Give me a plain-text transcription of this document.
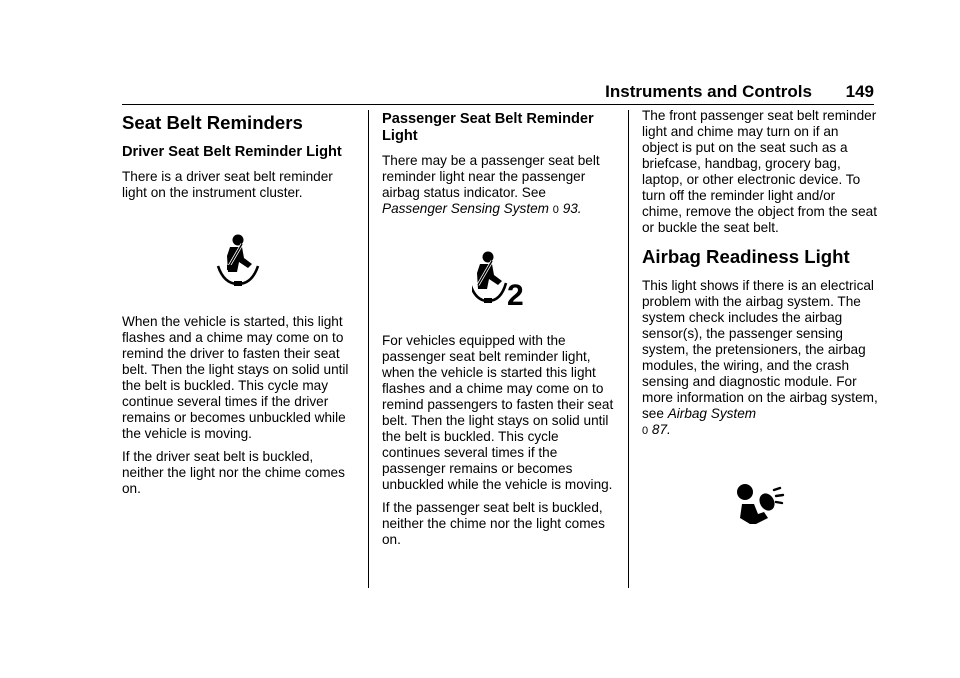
Instruments and Controls 149
Seat Belt Reminders
Driver Seat Belt Reminder Light

There is a driver seat belt reminder light on the instrument cluster.

When the vehicle is started, this light flashes and a chime may come on to remind the driver to fasten their seat belt. Then the light stays on solid until the belt is buckled. This cycle may continue several times if the driver remains or becomes unbuckled while the vehicle is moving.

If the driver seat belt is buckled, neither the light nor the chime comes on.

Passenger Seat Belt Reminder Light

There may be a passenger seat belt reminder light near the passenger airbag status indicator. See
Passenger Sensing System 0 93.

2

For vehicles equipped with the passenger seat belt reminder light, when the vehicle is started this light flashes and a chime may come on to remind passengers to fasten their seat belt. Then the light stays on solid until the belt is buckled. This cycle continues several times if the passenger remains or becomes unbuckled while the vehicle is moving.

If the passenger seat belt is buckled, neither the chime nor the light comes on.

The front passenger seat belt reminder light and chime may turn on if an object is put on the seat such as a briefcase, handbag, grocery bag, laptop, or other electronic device. To turn off the reminder light and/or chime, remove the object from the seat or buckle the seat belt.

Airbag Readiness Light

This light shows if there is an electrical problem with the airbag system. The system check includes the airbag sensor(s), the passenger sensing system, the pretensioners, the airbag modules, the wiring, and the crash sensing and diagnostic module. For more information on the airbag system, see Airbag System
0 87.
